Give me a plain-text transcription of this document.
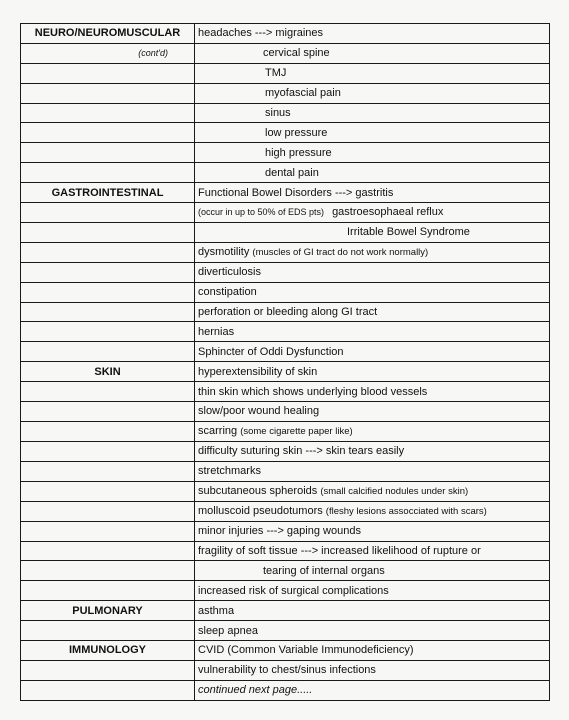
NEURO/NEUROMUSCULAR	headaches ---> migraines
(cont'd)	cervical spine
	TMJ
	myofascial pain
	sinus
	low pressure
	high pressure
	dental pain
GASTROINTESTINAL	Functional Bowel Disorders ---> gastritis
	(occur in up to 50% of EDS pts) gastroesophaeal reflux
	Irritable Bowel Syndrome
	dysmotility (muscles of GI tract do not work normally)
	diverticulosis
	constipation
	perforation or bleeding along GI tract
	hernias
	Sphincter of Oddi Dysfunction
SKIN	hyperextensibility of skin
	thin skin which shows underlying blood vessels
	slow/poor wound healing
	scarring (some cigarette paper like)
	difficulty suturing skin ---> skin tears easily
	stretchmarks
	subcutaneous spheroids (small calcified nodules under skin)
	molluscoid pseudotumors (fleshy lesions assocciated with scars)
	minor injuries ---> gaping wounds
	fragility of soft tissue ---> increased likelihood of rupture or
	tearing of internal organs
	increased risk of surgical complications
PULMONARY	asthma
	sleep apnea
IMMUNOLOGY	CVID (Common Variable Immunodeficiency)
	vulnerability to chest/sinus infections
	continued next page.....
